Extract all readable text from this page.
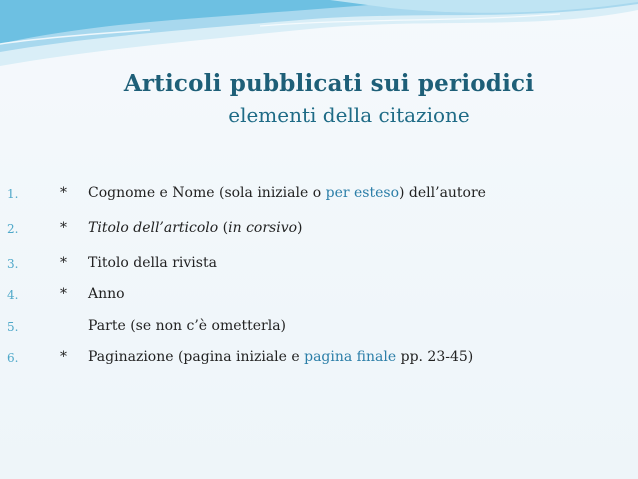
Articoli pubblicati sui periodici
elementi della citazione
1.	*	Cognome e Nome (sola iniziale o per esteso) dell’autore
2.	*	Titolo dell’articolo (in corsivo)
3.	*	Titolo della rivista
4.	*	Anno
5.	Parte (se non c’è ometterla)
6.	*	Paginazione (pagina iniziale e pagina finale pp. 23-45)
